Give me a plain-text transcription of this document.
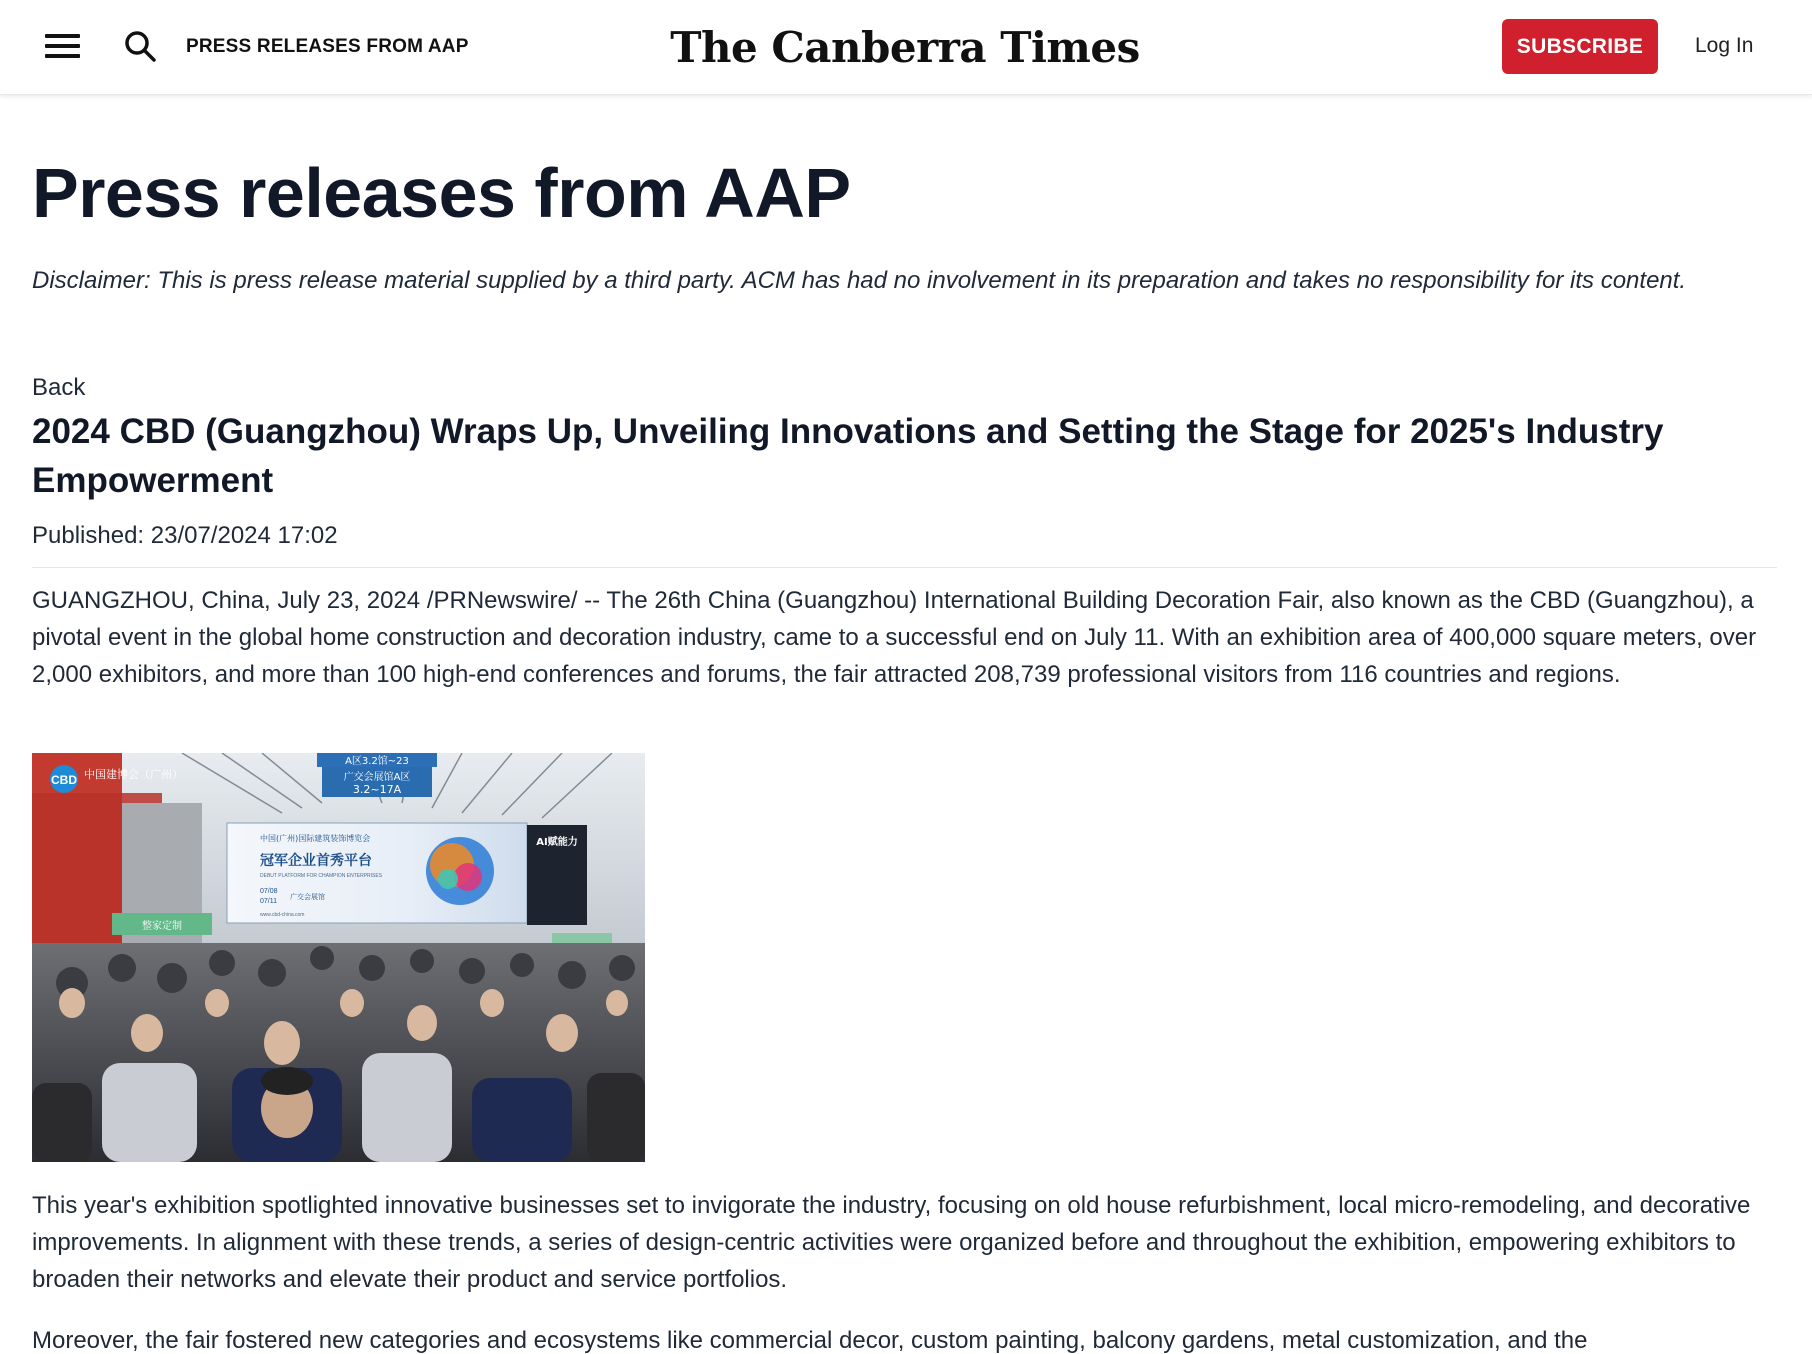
PRESS RELEASES FROM AAP	The Canberra Times	SUBSCRIBE	Log In
Press releases from AAP

Disclaimer: This is press release material supplied by a third party. ACM has had no involvement in its preparation and takes no responsibility for its content.

Back
2024 CBD (Guangzhou) Wraps Up, Unveiling Innovations and Setting the Stage for 2025's Industry Empowerment
Published: 23/07/2024 17:02

GUANGZHOU, China, July 23, 2024 /PRNewswire/ -- The 26th China (Guangzhou) International Building Decoration Fair, also known as the CBD (Guangzhou), a pivotal event in the global home construction and decoration industry, came to a successful end on July 11. With an exhibition area of 400,000 square meters, over 2,000 exhibitors, and more than 100 high-end conferences and forums, the fair attracted 208,739 professional visitors from 116 countries and regions.

CBD 中国建博会（广州）
A区3.2馆~23
广交会展馆A区
3.2~17A
中国(广州)国际建筑装饰博览会
冠军企业首秀平台
DEBUT PLATFORM FOR CHAMPION ENTERPRISES
07/08
07/11
广交会展馆
www.cbd-china.com
AI赋能力
整家定制

This year's exhibition spotlighted innovative businesses set to invigorate the industry, focusing on old house refurbishment, local micro-remodeling, and decorative improvements. In alignment with these trends, a series of design-centric activities were organized before and throughout the exhibition, empowering exhibitors to broaden their networks and elevate their product and service portfolios.

Moreover, the fair fostered new categories and ecosystems like commercial decor, custom painting, balcony gardens, metal customization, and the
